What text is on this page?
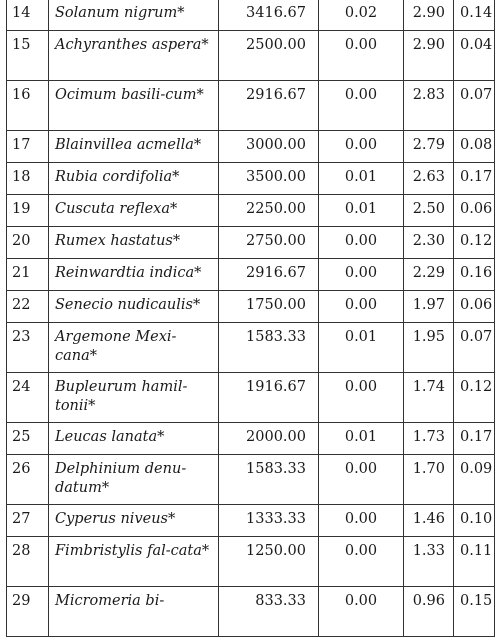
14	Solanum nigrum*	3416.67	0.02	2.90	0.14
15	Achyranthes aspera*	2500.00	0.00	2.90	0.04
16	Ocimum basili-cum*	2916.67	0.00	2.83	0.07
17	Blainvillea acmella*	3000.00	0.00	2.79	0.08
18	Rubia cordifolia*	3500.00	0.01	2.63	0.17
19	Cuscuta reflexa*	2250.00	0.01	2.50	0.06
20	Rumex hastatus*	2750.00	0.00	2.30	0.12
21	Reinwardtia indica*	2916.67	0.00	2.29	0.16
22	Senecio nudicaulis*	1750.00	0.00	1.97	0.06
23	Argemone Mexi-cana*	1583.33	0.01	1.95	0.07
24	Bupleurum hamil-tonii*	1916.67	0.00	1.74	0.12
25	Leucas lanata*	2000.00	0.01	1.73	0.17
26	Delphinium denu-datum*	1583.33	0.00	1.70	0.09
27	Cyperus niveus*	1333.33	0.00	1.46	0.10
28	Fimbristylis fal-cata*	1250.00	0.00	1.33	0.11
29	Micromeria bi-	833.33	0.00	0.96	0.15
